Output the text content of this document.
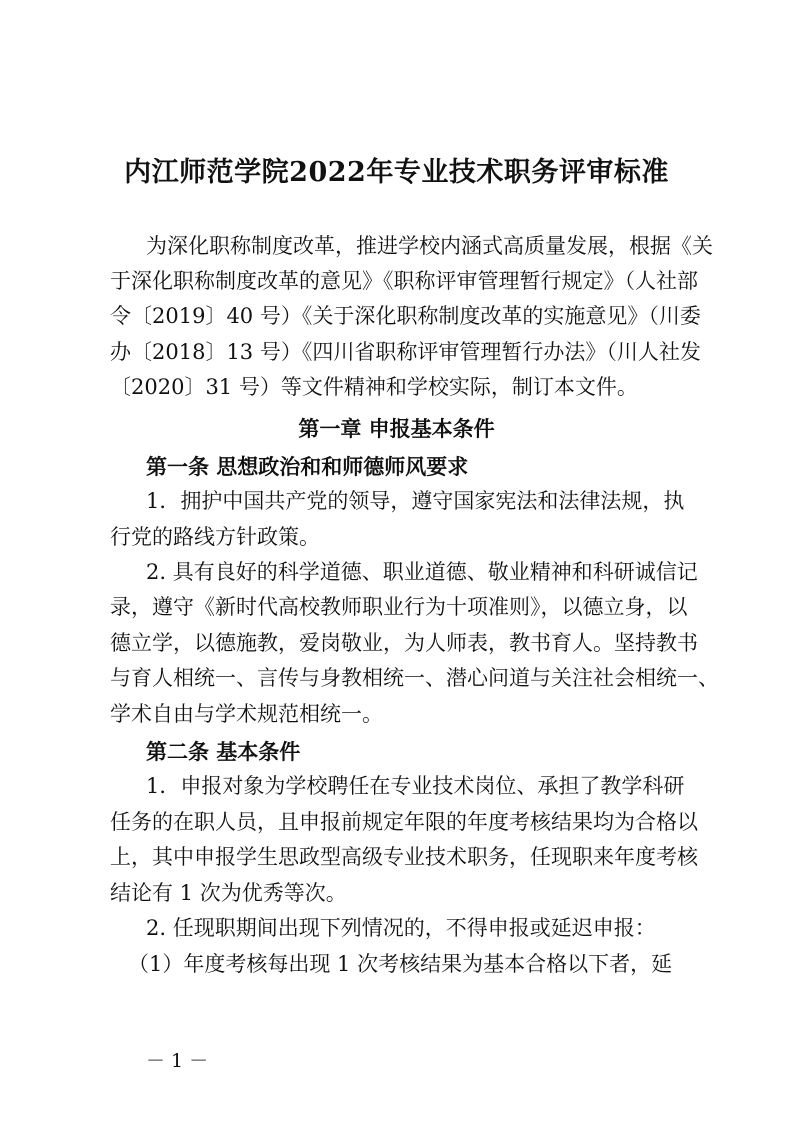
内江师范学院2022年专业技术职务评审标准
为深化职称制度改革，推进学校内涵式高质量发展，根据《关
于深化职称制度改革的意见》《职称评审管理暂行规定》（人社部
令〔2019〕40 号）《关于深化职称制度改革的实施意见》（川委
办〔2018〕13 号）《四川省职称评审管理暂行办法》（川人社发
〔2020〕31 号）等文件精神和学校实际，制订本文件。
第一章 申报基本条件
第一条 思想政治和和师德师风要求
1．拥护中国共产党的领导，遵守国家宪法和法律法规，执
行党的路线方针政策。
2. 具有良好的科学道德、职业道德、敬业精神和科研诚信记
录，遵守《新时代高校教师职业行为十项准则》，以德立身，以
德立学，以德施教，爱岗敬业，为人师表，教书育人。坚持教书
与育人相统一、言传与身教相统一、潜心问道与关注社会相统一、
学术自由与学术规范相统一。
第二条 基本条件
1．申报对象为学校聘任在专业技术岗位、承担了教学科研
任务的在职人员，且申报前规定年限的年度考核结果均为合格以
上，其中申报学生思政型高级专业技术职务，任现职来年度考核
结论有 1 次为优秀等次。
2. 任现职期间出现下列情况的，不得申报或延迟申报：
（1）年度考核每出现 1 次考核结果为基本合格以下者，延
－ 1 －
